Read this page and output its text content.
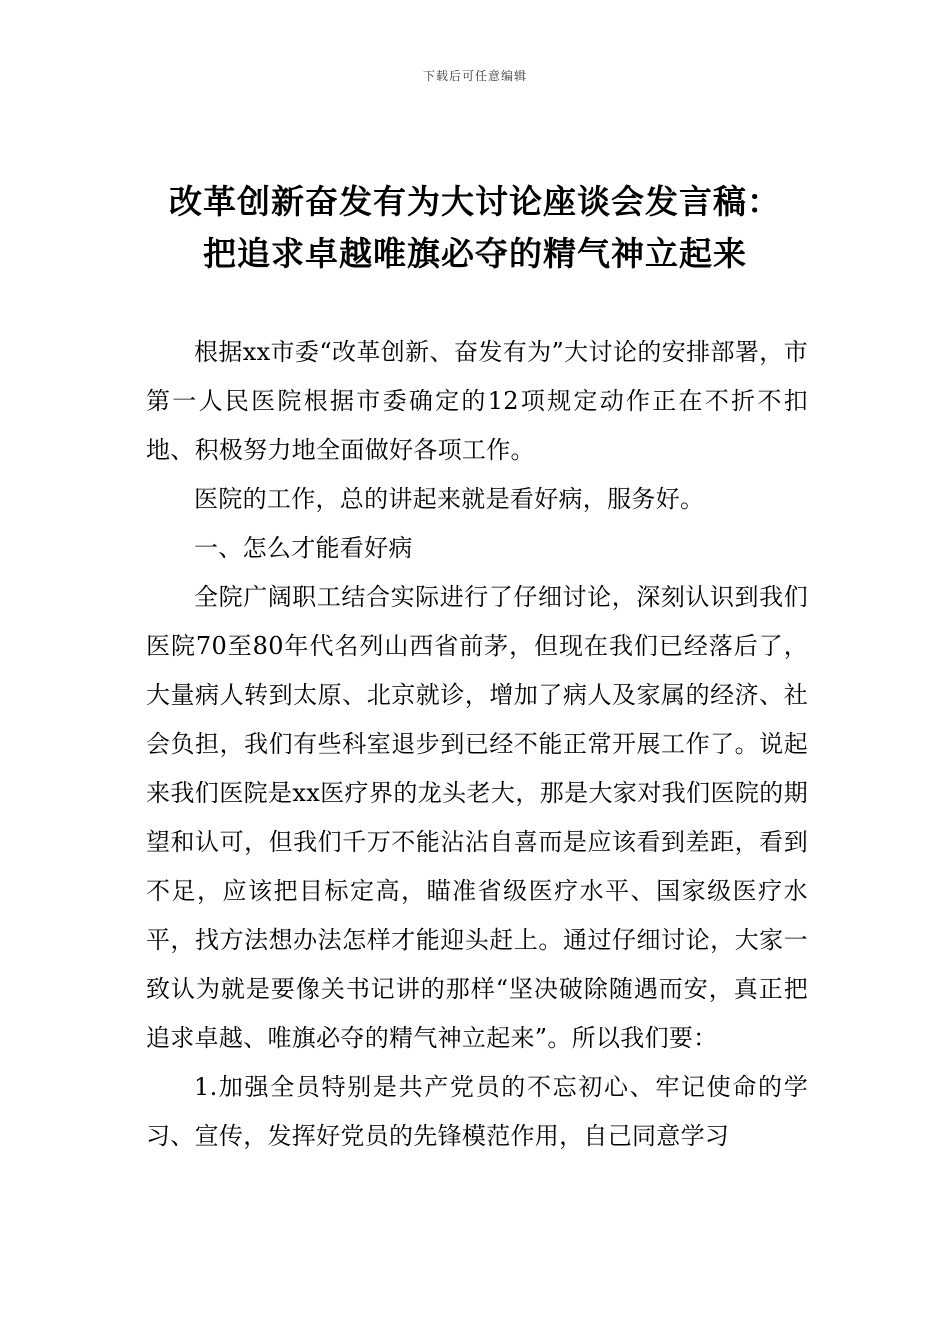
下载后可任意编辑
改革创新奋发有为大讨论座谈会发言稿：
把追求卓越唯旗必夺的精气神立起来

根据xx市委“改革创新、奋发有为”大讨论的安排部署，市第一人民医院根据市委确定的12项规定动作正在不折不扣地、积极努力地全面做好各项工作。

医院的工作，总的讲起来就是看好病，服务好。

一、怎么才能看好病

全院广阔职工结合实际进行了仔细讨论，深刻认识到我们医院70至80年代名列山西省前茅，但现在我们已经落后了，大量病人转到太原、北京就诊，增加了病人及家属的经济、社会负担，我们有些科室退步到已经不能正常开展工作了。说起来我们医院是xx医疗界的龙头老大，那是大家对我们医院的期望和认可，但我们千万不能沾沾自喜而是应该看到差距，看到不足，应该把目标定高，瞄准省级医疗水平、国家级医疗水平，找方法想办法怎样才能迎头赶上。通过仔细讨论，大家一致认为就是要像关书记讲的那样“坚决破除随遇而安，真正把追求卓越、唯旗必夺的精气神立起来”。所以我们要：

1.加强全员特别是共产党员的不忘初心、牢记使命的学习、宣传，发挥好党员的先锋模范作用，自己同意学习
